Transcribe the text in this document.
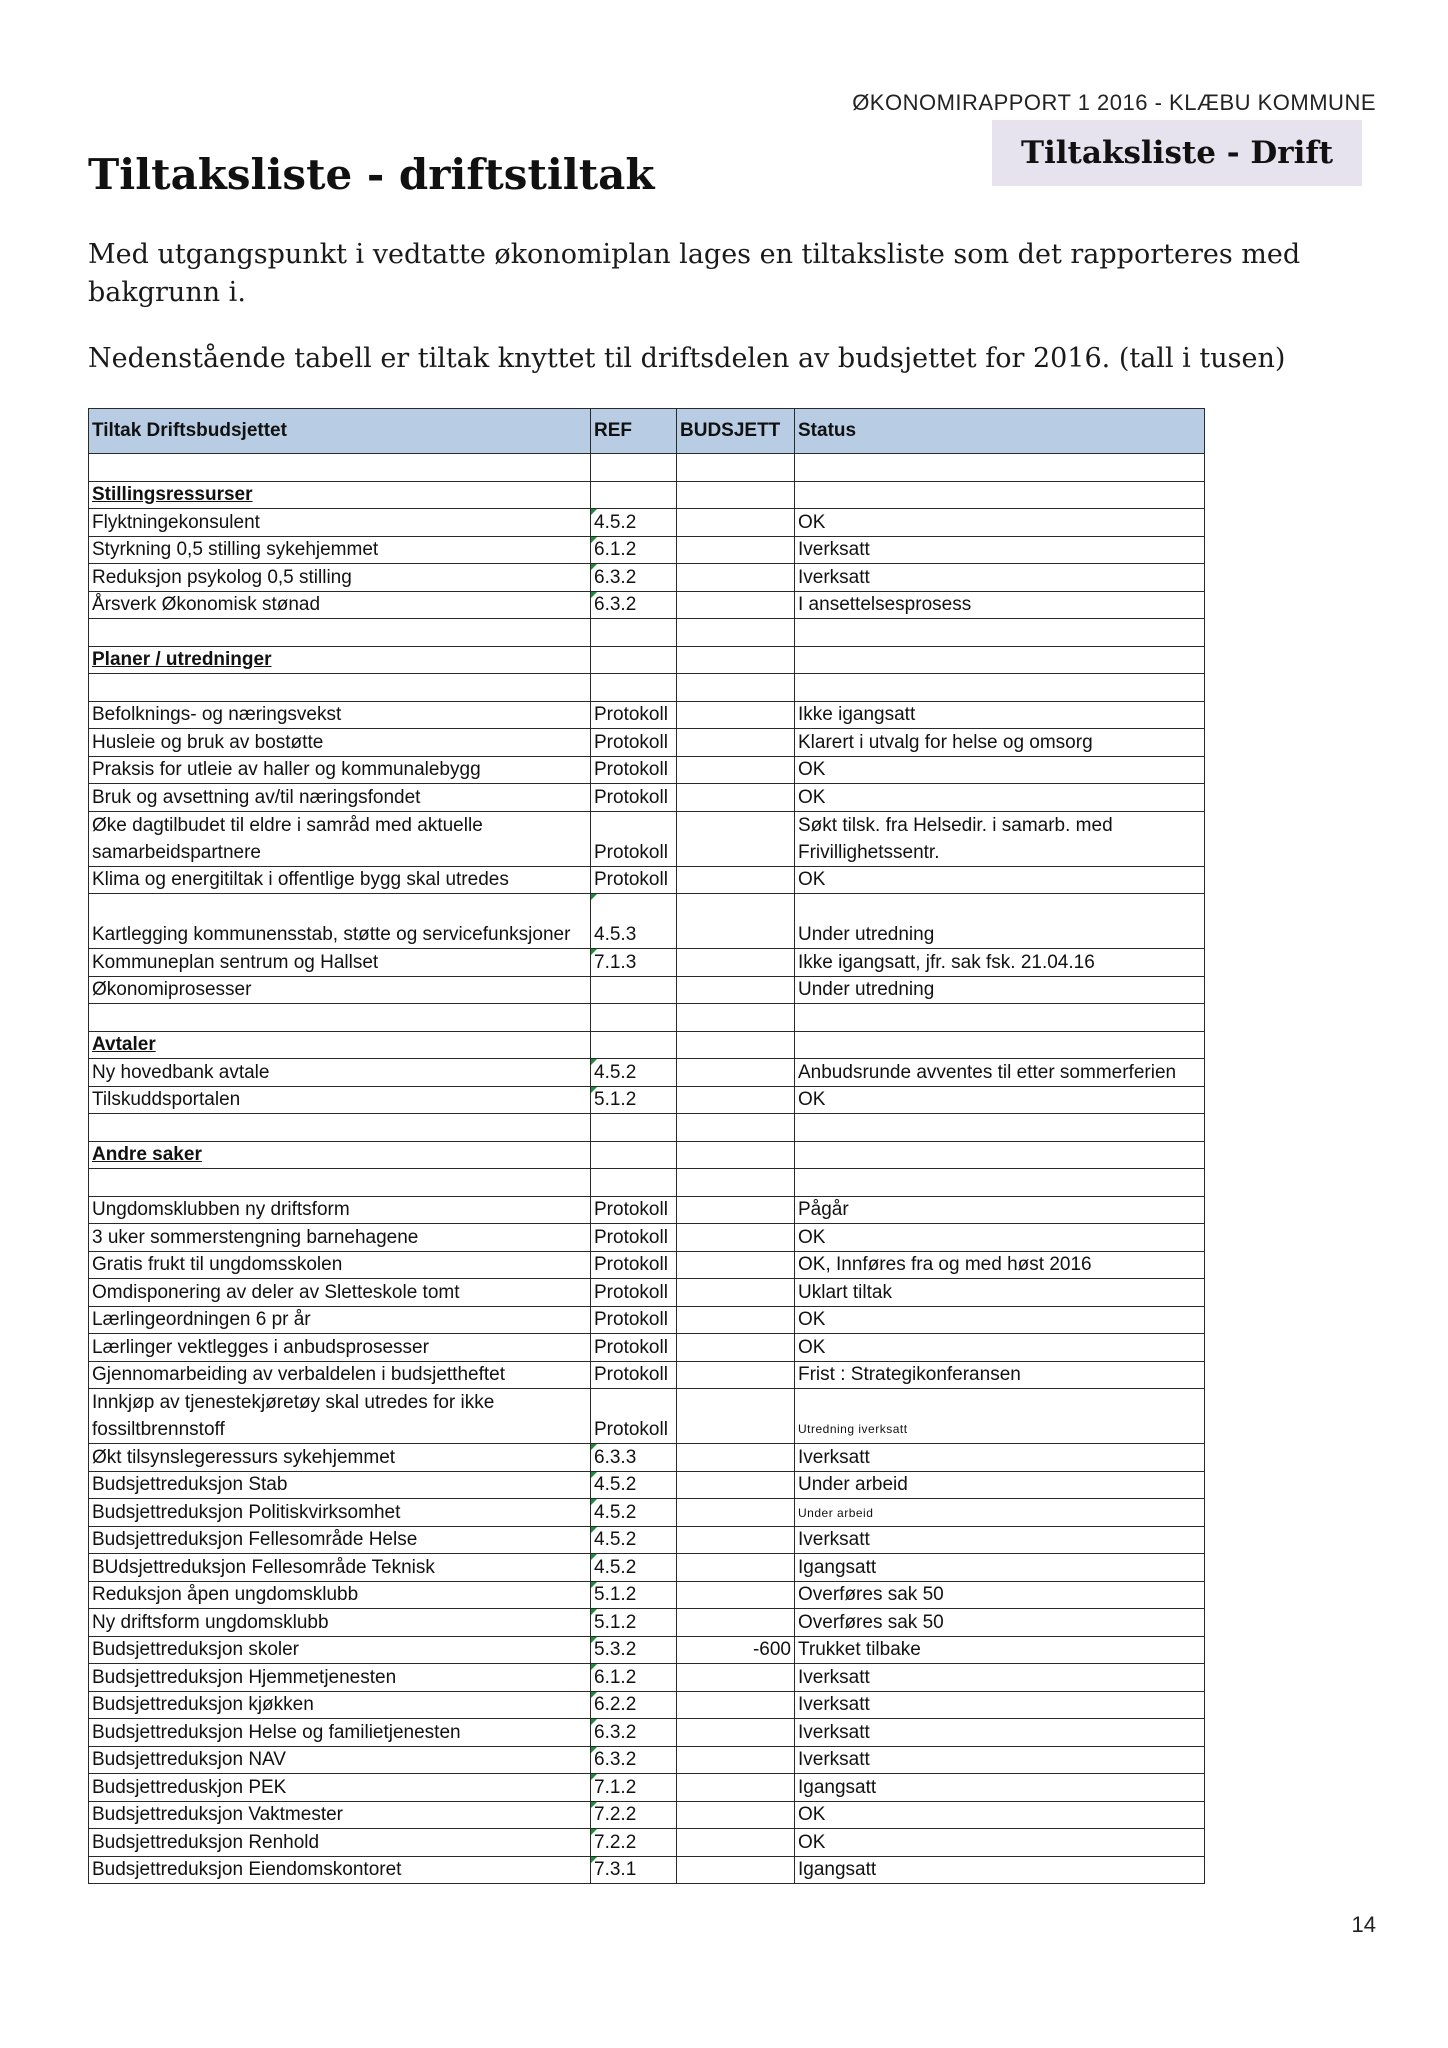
ØKONOMIRAPPORT 1 2016 - KLÆBU KOMMUNE
Tiltaksliste - Drift
Tiltaksliste - driftstiltak

Med utgangspunkt i vedtatte økonomiplan lages en tiltaksliste som det rapporteres med bakgrunn i.

Nedenstående tabell er tiltak knyttet til driftsdelen av budsjettet for 2016. (tall i tusen)

Tiltak Driftsbudsjettet	REF	BUDSJETT	Status

Stillingsressurser			
Flyktningekonsulent	4.5.2		OK
Styrkning 0,5 stilling sykehjemmet	6.1.2		Iverksatt
Reduksjon psykolog 0,5 stilling	6.3.2		Iverksatt
Årsverk Økonomisk stønad	6.3.2		I ansettelsesprosess

Planer / utredninger			

Befolknings- og næringsvekst	Protokoll		Ikke igangsatt
Husleie og bruk av bostøtte	Protokoll		Klarert i utvalg for helse og omsorg
Praksis for utleie av haller og kommunalebygg	Protokoll		OK
Bruk og avsettning av/til næringsfondet	Protokoll		OK
Øke dagtilbudet til eldre i samråd med aktuelle samarbeidspartnere	Protokoll		Søkt tilsk. fra Helsedir. i samarb. med Frivillighetssentr.
Klima og energitiltak i offentlige bygg skal utredes	Protokoll		OK
Kartlegging kommunensstab, støtte og servicefunksjoner	4.5.3		Under utredning
Kommuneplan sentrum og Hallset	7.1.3		Ikke igangsatt, jfr. sak fsk. 21.04.16
Økonomiprosesser			Under utredning

Avtaler			
Ny hovedbank avtale	4.5.2		Anbudsrunde avventes til etter sommerferien
Tilskuddsportalen	5.1.2		OK

Andre saker			

Ungdomsklubben ny driftsform	Protokoll		Pågår
3 uker sommerstengning barnehagene	Protokoll		OK
Gratis frukt til ungdomsskolen	Protokoll		OK, Innføres fra og med høst 2016
Omdisponering av deler av Sletteskole tomt	Protokoll		Uklart tiltak
Lærlingeordningen 6 pr år	Protokoll		OK
Lærlinger vektlegges i anbudsprosesser	Protokoll		OK
Gjennomarbeiding av verbaldelen i budsjettheftet	Protokoll		Frist : Strategikonferansen
Innkjøp av tjenestekjøretøy skal utredes for ikke fossiltbrennstoff	Protokoll		Utredning iverksatt
Økt tilsynslegeressurs sykehjemmet	6.3.3		Iverksatt
Budsjettreduksjon Stab	4.5.2		Under arbeid
Budsjettreduksjon Politiskvirksomhet	4.5.2		Under arbeid
Budsjettreduksjon Fellesområde Helse	4.5.2		Iverksatt
BUdsjettreduksjon Fellesområde Teknisk	4.5.2		Igangsatt
Reduksjon åpen ungdomsklubb	5.1.2		Overføres sak 50
Ny driftsform ungdomsklubb	5.1.2		Overføres sak 50
Budsjettreduksjon skoler	5.3.2	-600	Trukket tilbake
Budsjettreduksjon Hjemmetjenesten	6.1.2		Iverksatt
Budsjettreduksjon kjøkken	6.2.2		Iverksatt
Budsjettreduksjon Helse og familietjenesten	6.3.2		Iverksatt
Budsjettreduksjon NAV	6.3.2		Iverksatt
Budsjettreduskjon PEK	7.1.2		Igangsatt
Budsjettreduksjon Vaktmester	7.2.2		OK
Budsjettreduksjon Renhold	7.2.2		OK
Budsjettreduksjon Eiendomskontoret	7.3.1		Igangsatt
14
